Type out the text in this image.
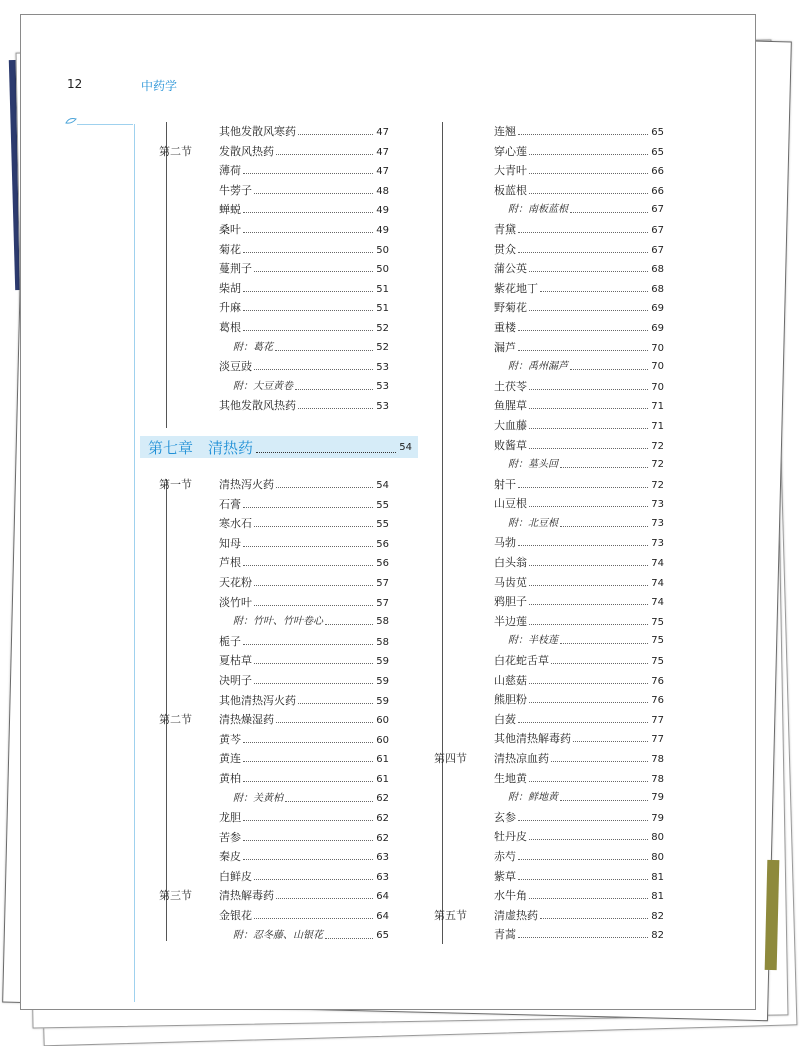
12	中药学
其他发散风寒药	47
第二节	发散风热药	47
薄荷	47
牛蒡子	48
蝉蜕	49
桑叶	49
菊花	50
蔓荆子	50
柴胡	51
升麻	51
葛根	52
附：葛花	52
淡豆豉	53
附：大豆黄卷	53
其他发散风热药	53
第七章　清热药	54
第一节	清热泻火药	54
石膏	55
寒水石	55
知母	56
芦根	56
天花粉	57
淡竹叶	57
附：竹叶、竹叶卷心	58
栀子	58
夏枯草	59
决明子	59
其他清热泻火药	59
第二节	清热燥湿药	60
黄芩	60
黄连	61
黄柏	61
附：关黄柏	62
龙胆	62
苦参	62
秦皮	63
白鲜皮	63
第三节	清热解毒药	64
金银花	64
附：忍冬藤、山银花	65
连翘	65
穿心莲	65
大青叶	66
板蓝根	66
附：南板蓝根	67
青黛	67
贯众	67
蒲公英	68
紫花地丁	68
野菊花	69
重楼	69
漏芦	70
附：禹州漏芦	70
土茯苓	70
鱼腥草	71
大血藤	71
败酱草	72
附：墓头回	72
射干	72
山豆根	73
附：北豆根	73
马勃	73
白头翁	74
马齿苋	74
鸦胆子	74
半边莲	75
附：半枝莲	75
白花蛇舌草	75
山慈菇	76
熊胆粉	76
白蔹	77
其他清热解毒药	77
第四节	清热凉血药	78
生地黄	78
附：鲜地黄	79
玄参	79
牡丹皮	80
赤芍	80
紫草	81
水牛角	81
第五节	清虚热药	82
青蒿	82
